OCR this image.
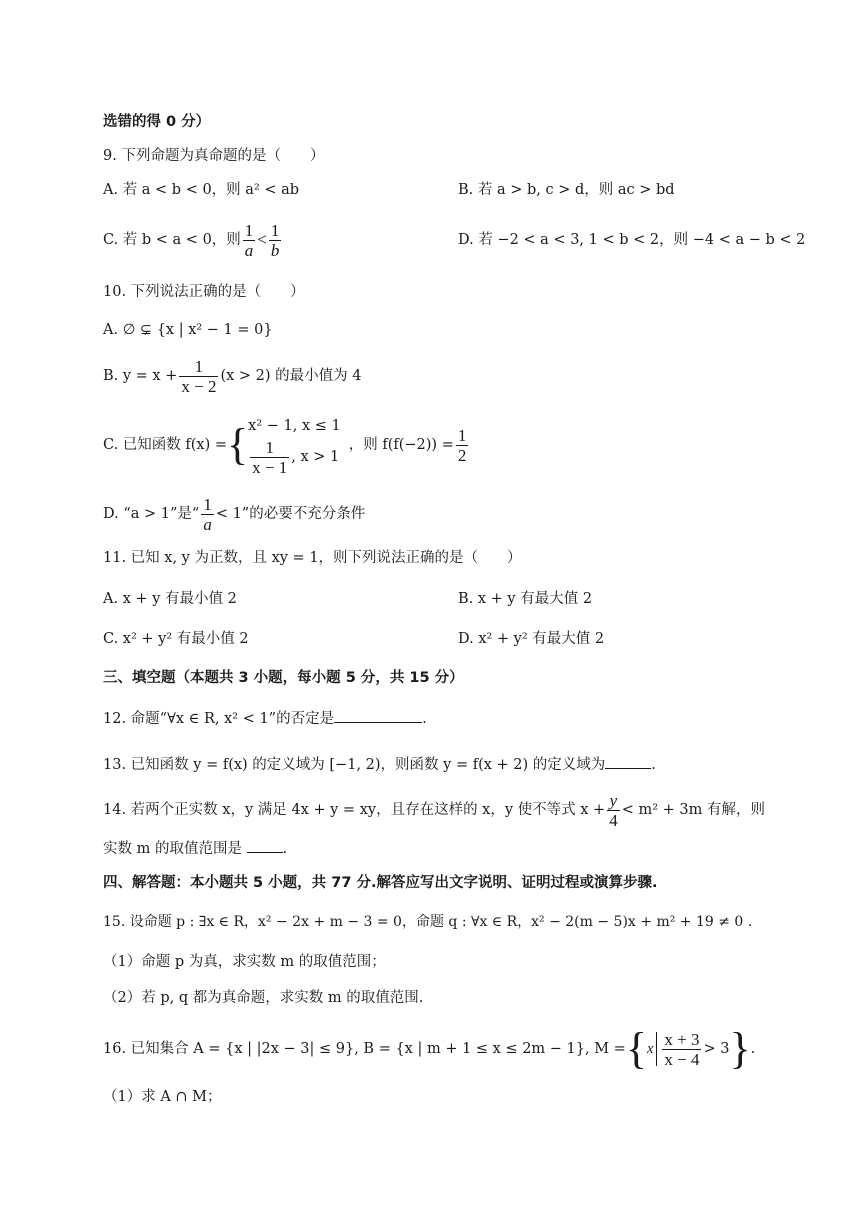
选错的得 0 分）
9. 下列命题为真命题的是（　　）
A. 若 a < b < 0，则 a² < ab	B. 若 a > b, c > d，则 ac > bd
C. 若 b < a < 0，则 $\frac{1}{a} < \frac{1}{b}$	D. 若 −2 < a < 3, 1 < b < 2，则 −4 < a − b < 2
10. 下列说法正确的是（　　）
A. ∅ ⊊ {x | x² − 1 = 0}
B. $y = x + \frac{1}{x - 2} (x > 2)$ 的最小值为 4
C. 已知函数 f(x) = { x² − 1, x ≤ 1
$\frac{1}{x - 1}$ , x > 1
，则 $f(f(-2)) = \frac{1}{2}$
D. “a > 1”是“ $\frac{1}{a} < 1$”的必要不充分条件
11. 已知 x, y 为正数，且 xy = 1，则下列说法正确的是（　　）
A. x + y 有最小值 2	B. x + y 有最大值 2
C. x² + y² 有最小值 2	D. x² + y² 有最大值 2
三、填空题（本题共 3 小题，每小题 5 分，共 15 分）
12. 命题“∀x ∈ R, x² < 1”的否定是	.
13. 已知函数 y = f(x) 的定义域为 [−1, 2)，则函数 y = f(x + 2) 的定义域为	.
14. 若两个正实数 x，y 满足 4x + y = xy，且存在这样的 x，y 使不等式 $x + \frac{y}{4} < m^2 + 3m$ 有解，则
实数 m 的取值范围是	.
四、解答题：本小题共 5 小题，共 77 分.解答应写出文字说明、证明过程或演算步骤.
15. 设命题 p : ∃x ∈ R，x² − 2x + m − 3 = 0，命题 q : ∀x ∈ R，x² − 2(m − 5)x + m² + 19 ≠ 0 .
（1）命题 p 为真，求实数 m 的取值范围；
（2）若 p, q 都为真命题，求实数 m 的取值范围.
16. 已知集合 A = {x | |2x − 3| ≤ 9}, B = {x | m + 1 ≤ x ≤ 2m − 1}, M = { x $\frac{x + 3}{x - 4} > 3$ } .
（1）求 A ∩ M；
